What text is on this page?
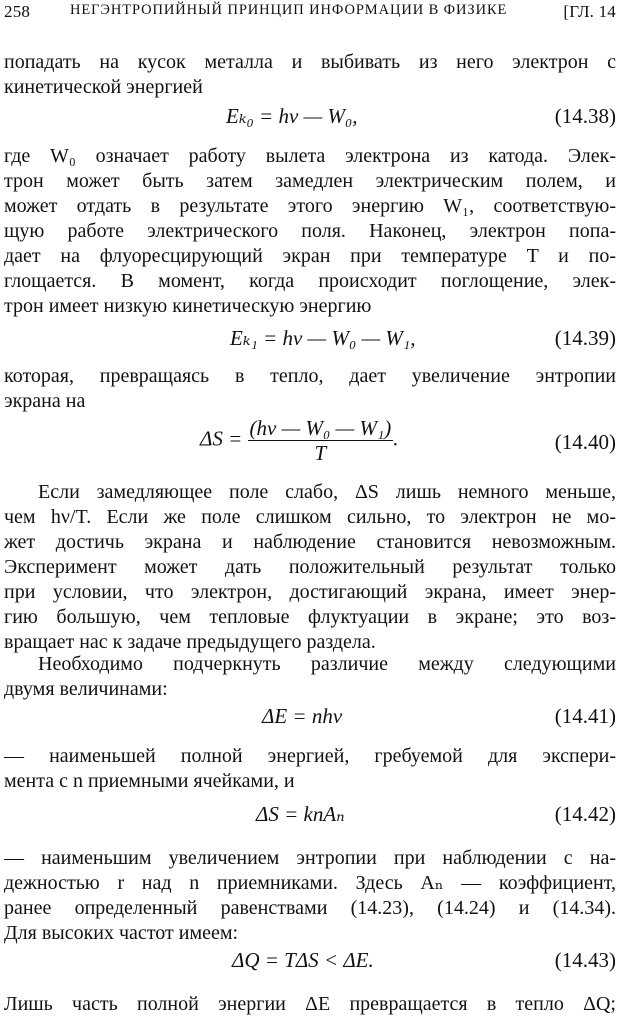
258	НЕГЭНТРОПИЙНЫЙ ПРИНЦИП ИНФОРМАЦИИ В ФИЗИКЕ	[ГЛ. 14
попадать на кусок металла и выбивать из него электрон с
кинетической энергией
Eₖ₀ = hν — W₀,	(14.38)
где W₀ означает работу вылета электрона из катода. Элек-
трон может быть затем замедлен электрическим полем, и
может отдать в результате этого энергию W₁, соответствую-
щую работе электрического поля. Наконец, электрон попа-
дает на флуоресцирующий экран при температуре T и по-
глощается. В момент, когда происходит поглощение, элек-
трон имеет низкую кинетическую энергию
Eₖ₁ = hν — W₀ — W₁,	(14.39)
которая, превращаясь в тепло, дает увеличение энтропии
экрана на
$\Delta S = \frac{\text{(hν — W₀ — W₁)}}{T}$ .	(14.40)
Если замедляющее поле слабо, ΔS лишь немного меньше,
чем hν/T. Если же поле слишком сильно, то электрон не мо-
жет достичь экрана и наблюдение становится невозможным.
Эксперимент может дать положительный результат только
при условии, что электрон, достигающий экрана, имеет энер-
гию большую, чем тепловые флуктуации в экране; это воз-
вращает нас к задаче предыдущего раздела.
Необходимо подчеркнуть различие между следующими
двумя величинами:
ΔE = nhν	(14.41)
— наименьшей полной энергией, гребуемой для экспери-
мента с n приемными ячейками, и
ΔS = knAₙ	(14.42)
— наименьшим увеличением энтропии при наблюдении с на-
дежностью r над n приемниками. Здесь Aₙ — коэффициент,
ранее определенный равенствами (14.23), (14.24) и (14.34).
Для высоких частот имеем:
ΔQ = TΔS < ΔE.	(14.43)
Лишь часть полной энергии ΔE превращается в тепло ΔQ;
